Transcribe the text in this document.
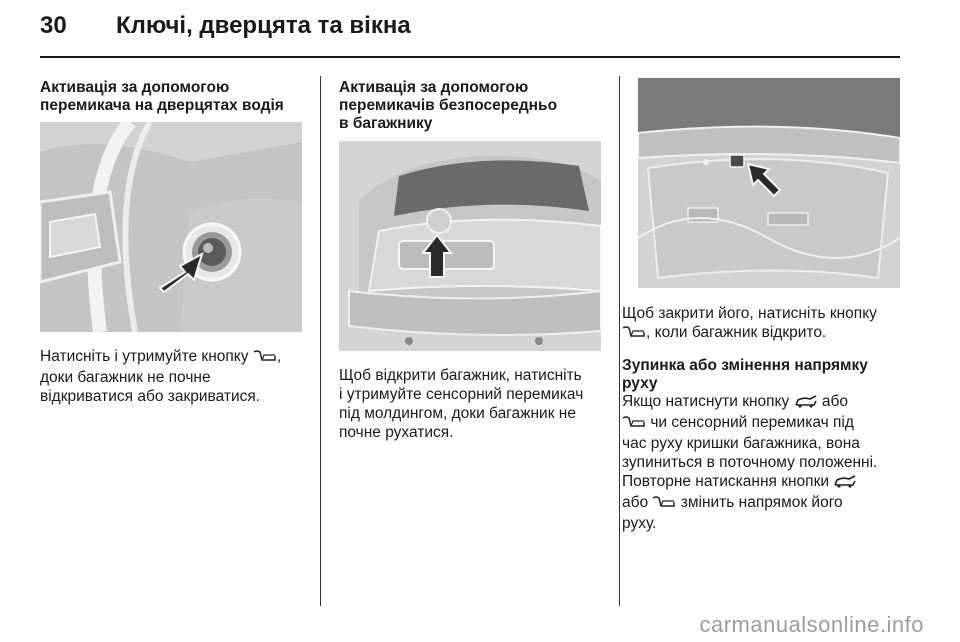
30 Ключі, дверцята та вікна
Активація за допомогою
перемикача на дверцятах водія
Натисніть і утримуйте кнопку ,
доки багажник не почне
відкриватися або закриватися.
Активація за допомогою
перемикачів безпосередньо
в багажнику
Щоб відкрити багажник, натисніть
і утримуйте сенсорний перемикач
під молдингом, доки багажник не
почне рухатися.
Щоб закрити його, натисніть кнопку
, коли багажник відкрито.
Зупинка або змінення напрямку
руху
Якщо натиснути кнопку або
чи сенсорний перемикач під
час руху кришки багажника, вона
зупиниться в поточному положенні.
Повторне натискання кнопки
або змінить напрямок його
руху.
carmanualsonline.info
